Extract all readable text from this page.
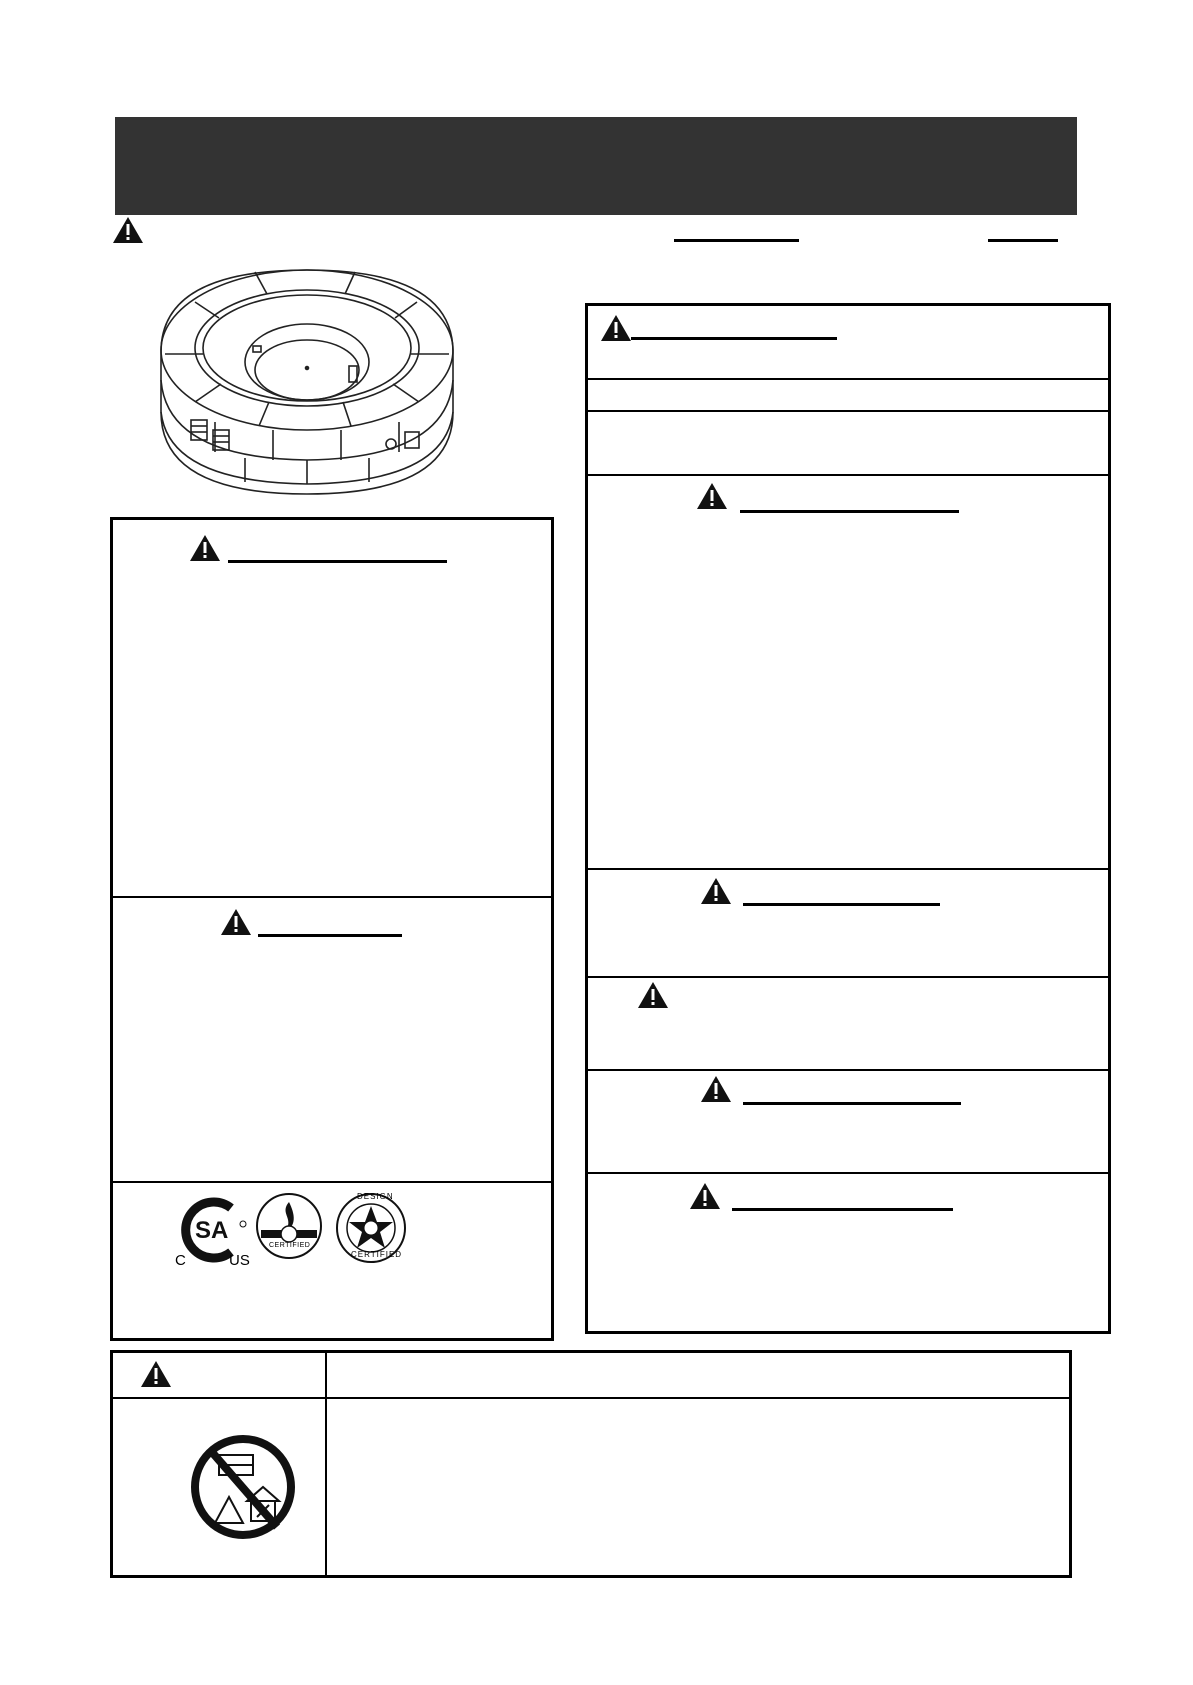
SA
C	US
CERTIFIED
DESIGN
CERTIFIED
